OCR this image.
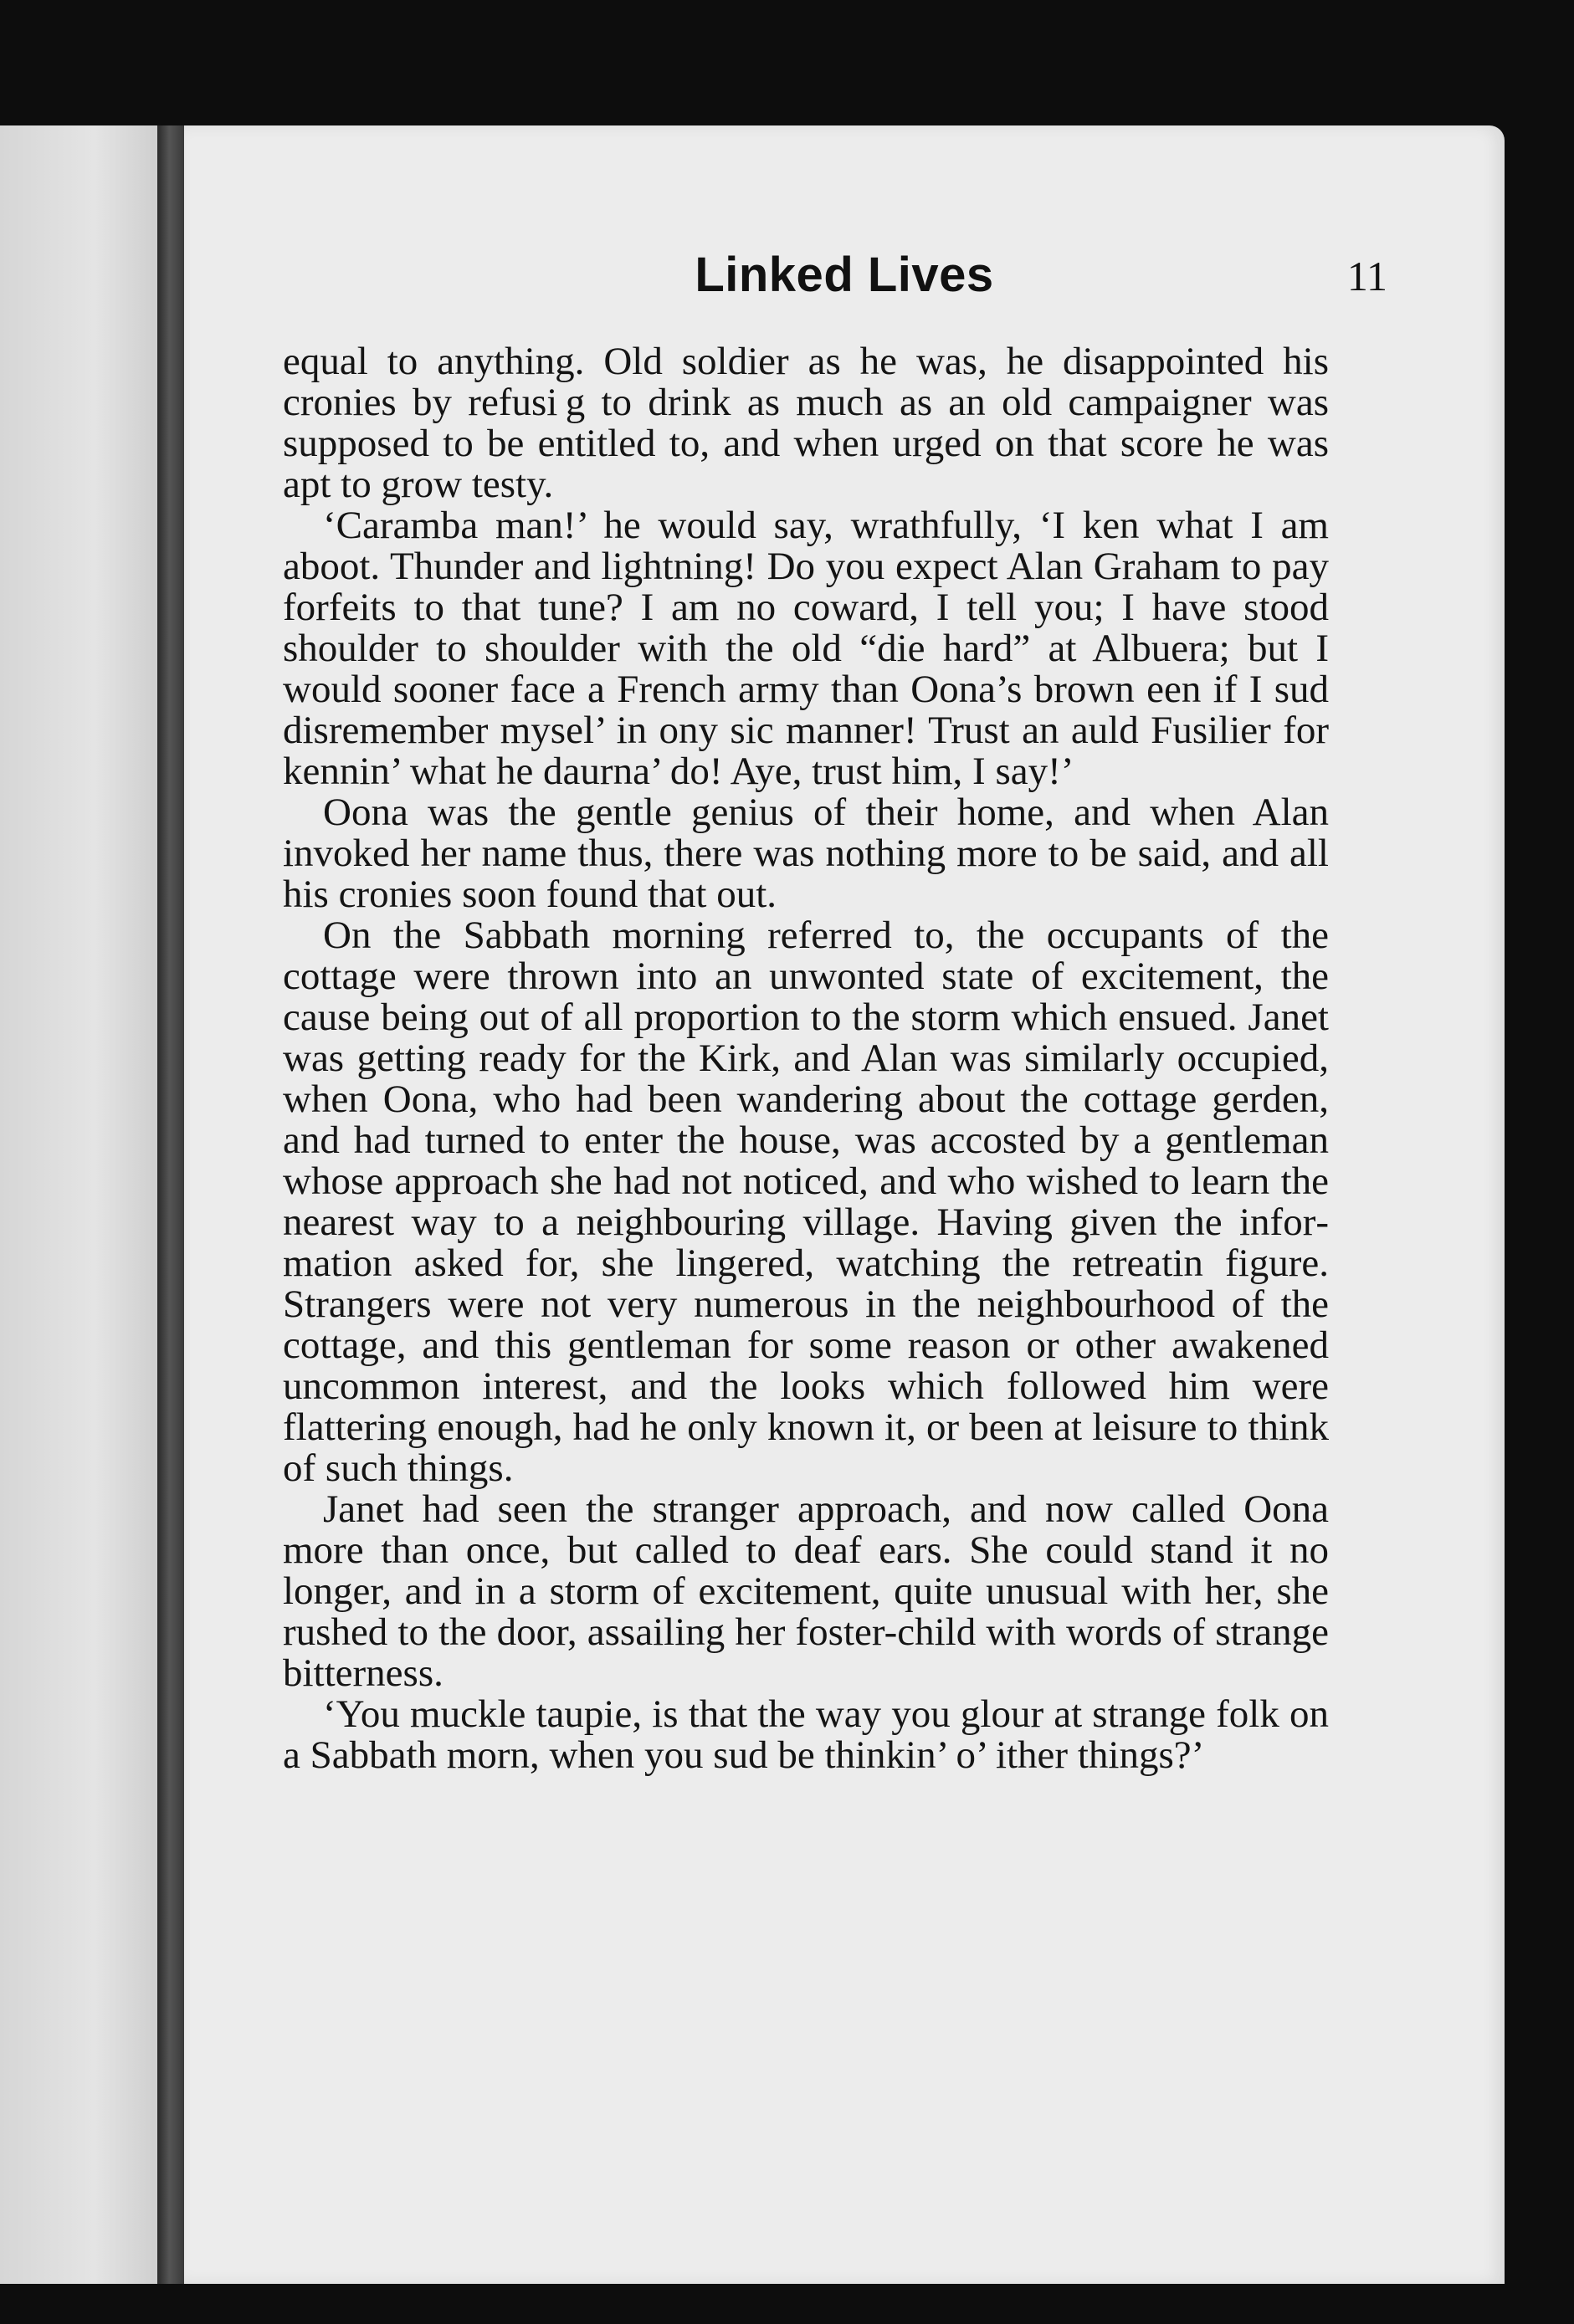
Linked Lives	11

equal to anything. Old soldier as he was, he disappointed his cronies by refusi g to drink as much as an old campaigner was supposed to be entitled to, and when urged on that score he was apt to grow testy.

‘Caramba man!’ he would say, wrathfully, ‘I ken what I am aboot. Thunder and lightning! Do you expect Alan Graham to pay forfeits to that tune? I am no coward, I tell you; I have stood shoulder to shoulder with the old “die hard” at Albuera; but I would sooner face a French army than Oona’s brown een if I sud disremember mysel’ in ony sic manner! Trust an auld Fusilier for kennin’ what he daurna’ do! Aye, trust him, I say!’

Oona was the gentle genius of their home, and when Alan invoked her name thus, there was nothing more to be said, and all his cronies soon found that out.

On the Sabbath morning referred to, the occupants of the cottage were thrown into an unwonted state of excitement, the cause being out of all proportion to the storm which ensued. Janet was getting ready for the Kirk, and Alan was similarly occupied, when Oona, who had been wandering about the cottage gerden, and had turned to enter the house, was accosted by a gentleman whose approach she had not noticed, and who wished to learn the nearest way to a neighbouring village. Having given the information asked for, she lingered, watching the retreatin figure. Strangers were not very numerous in the neighbourhood of the cottage, and this gentleman for some reason or other awakened uncommon interest, and the looks which followed him were flattering enough, had he only known it, or been at leisure to think of such things.

Janet had seen the stranger approach, and now called Oona more than once, but called to deaf ears. She could stand it no longer, and in a storm of excitement, quite unusual with her, she rushed to the door, assailing her foster-child with words of strange bitterness.

‘You muckle taupie, is that the way you glour at strange folk on a Sabbath morn, when you sud be thinkin’ o’ ither things?’
